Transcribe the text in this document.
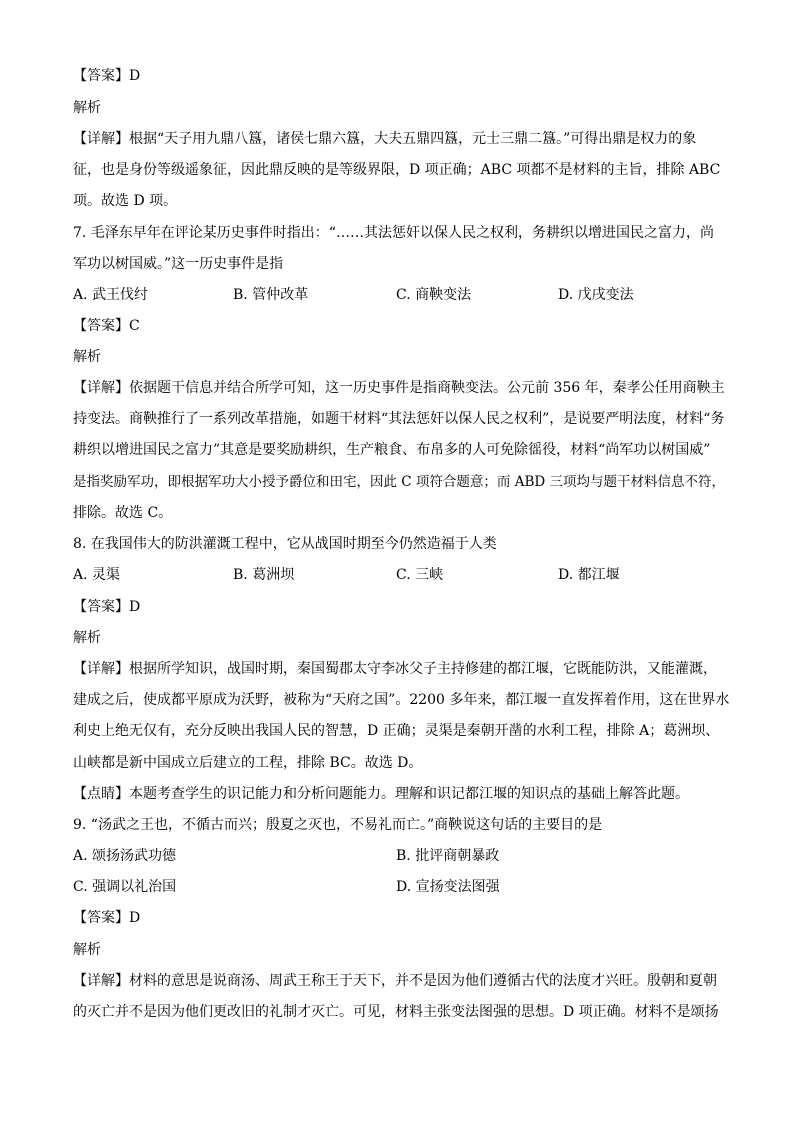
【答案】D
解析
【详解】根据“天子用九鼎八簋，诸侯七鼎六簋，大夫五鼎四簋，元士三鼎二簋。”可得出鼎是权力的象
征，也是身份等级遥象征，因此鼎反映的是等级界限，D 项正确；ABC 项都不是材料的主旨，排除 ABC
项。故选 D 项。
7. 毛泽东早年在评论某历史事件时指出：“……其法惩奸以保人民之权利，务耕织以增进国民之富力，尚
军功以树国威。”这一历史事件是指
A. 武王伐纣	B. 管仲改革	C. 商鞅变法	D. 戊戌变法
【答案】C
解析
【详解】依据题干信息并结合所学可知，这一历史事件是指商鞅变法。公元前 356 年，秦孝公任用商鞅主
持变法。商鞅推行了一系列改革措施，如题干材料“其法惩奸以保人民之权利”，是说要严明法度，材料“务
耕织以增进国民之富力”其意是要奖励耕织，生产粮食、布帛多的人可免除徭役，材料“尚军功以树国威”
是指奖励军功，即根据军功大小授予爵位和田宅，因此 C 项符合题意；而 ABD 三项均与题干材料信息不符，
排除。故选 C。
8. 在我国伟大的防洪灌溉工程中，它从战国时期至今仍然造福于人类
A. 灵渠	B. 葛洲坝	C. 三峡	D. 都江堰
【答案】D
解析
【详解】根据所学知识，战国时期，秦国蜀郡太守李冰父子主持修建的都江堰，它既能防洪，又能灌溉，
建成之后，使成都平原成为沃野，被称为“天府之国”。2200 多年来，都江堰一直发挥着作用，这在世界水
利史上绝无仅有，充分反映出我国人民的智慧，D 正确；灵渠是秦朝开凿的水利工程，排除 A；葛洲坝、
山峡都是新中国成立后建立的工程，排除 BC。故选 D。
【点睛】本题考查学生的识记能力和分析问题能力。理解和识记都江堰的知识点的基础上解答此题。
9. “汤武之王也，不循古而兴；殷夏之灭也，不易礼而亡。”商鞅说这句话的主要目的是
A. 颂扬汤武功德	B. 批评商朝暴政
C. 强调以礼治国	D. 宣扬变法图强
【答案】D
解析
【详解】材料的意思是说商汤、周武王称王于天下，并不是因为他们遵循古代的法度才兴旺。殷朝和夏朝
的灭亡并不是因为他们更改旧的礼制才灭亡。可见，材料主张变法图强的思想。D 项正确。材料不是颂扬
